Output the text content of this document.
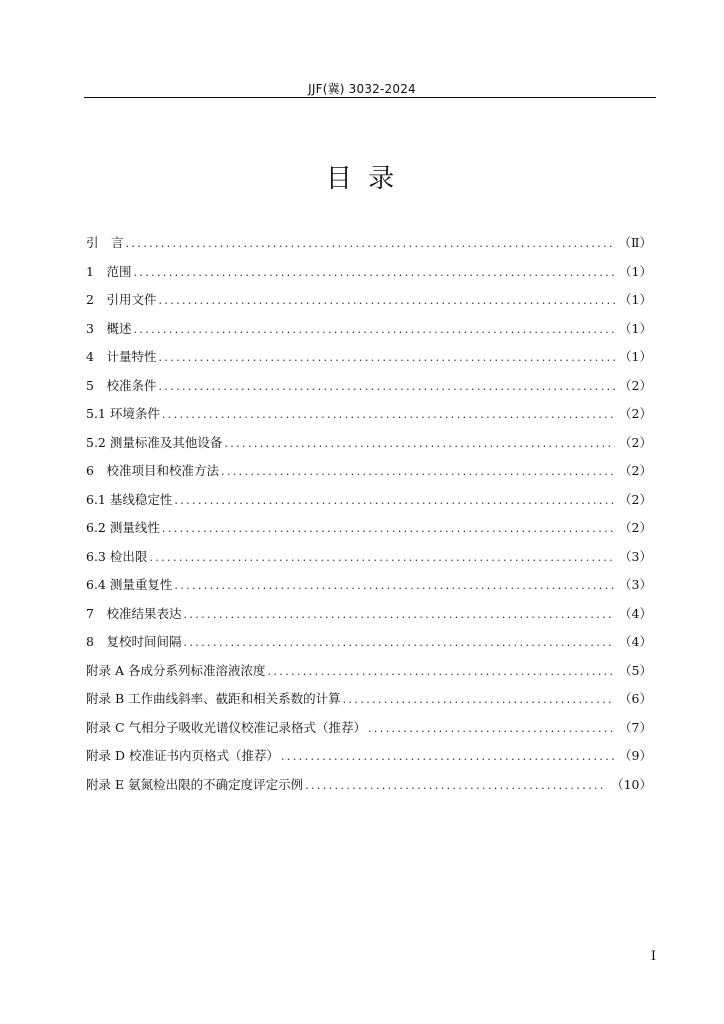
JJF(冀) 3032-2024
目 录
引　言 .....	（Ⅱ）
1　范围 .....	（1）
2　引用文件 .....	（1）
3　概述 .....	（1）
4　计量特性 .....	（1）
5　校准条件 .....	（2）
5.1 环境条件 .....	（2）
5.2 测量标准及其他设备 .....	（2）
6　校准项目和校准方法 .....	（2）
6.1 基线稳定性 .....	（2）
6.2 测量线性 .....	（2）
6.3 检出限 .....	（3）
6.4 测量重复性 .....	（3）
7　校准结果表达 .....	（4）
8　复校时间间隔 .....	（4）
附录 A 各成分系列标准溶液浓度 .....	（5）
附录 B 工作曲线斜率、截距和相关系数的计算 .....	（6）
附录 C 气相分子吸收光谱仪校准记录格式（推荐） .....	（7）
附录 D 校准证书内页格式（推荐） .....	（9）
附录 E 氨氮检出限的不确定度评定示例 .....	（10）
I
